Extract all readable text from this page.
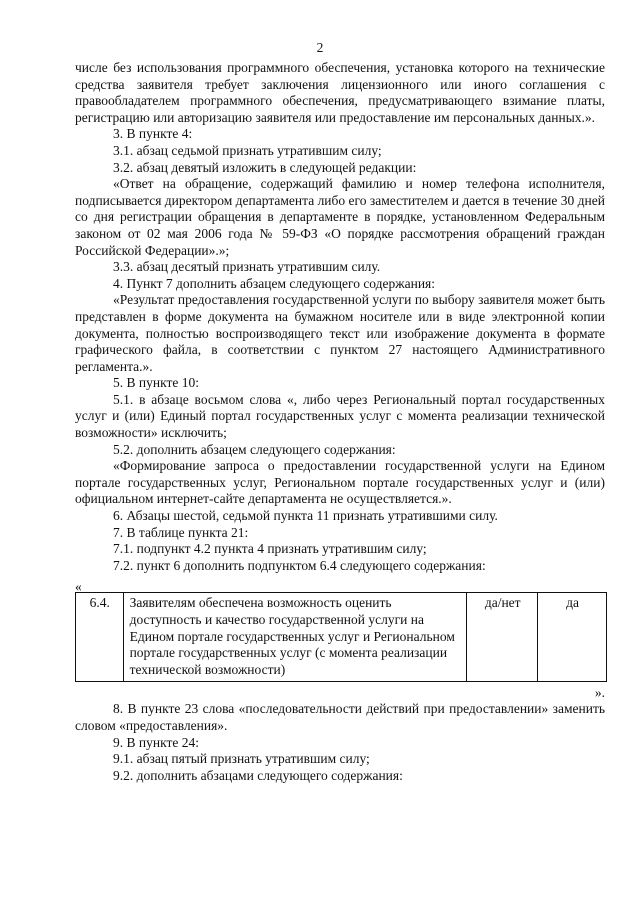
2

числе без использования программного обеспечения, установка которого на технические средства заявителя требует заключения лицензионного или иного соглашения с правообладателем программного обеспечения, предусматривающего взимание платы, регистрацию или авторизацию заявителя или предоставление им персональных данных.».

3. В пункте 4:

3.1. абзац седьмой признать утратившим силу;

3.2. абзац девятый изложить в следующей редакции:

«Ответ на обращение, содержащий фамилию и номер телефона исполнителя, подписывается директором департамента либо его заместителем и дается в течение 30 дней со дня регистрации обращения в департаменте в порядке, установленном Федеральным законом от 02 мая 2006 года № 59-ФЗ «О порядке рассмотрения обращений граждан Российской Федерации».»;

3.3. абзац десятый признать утратившим силу.

4. Пункт 7 дополнить абзацем следующего содержания:

«Результат предоставления государственной услуги по выбору заявителя может быть представлен в форме документа на бумажном носителе или в виде электронной копии документа, полностью воспроизводящего текст или изображение документа в формате графического файла, в соответствии с пунктом 27 настоящего Административного регламента.».

5. В пункте 10:

5.1. в абзаце восьмом слова «, либо через Региональный портал государственных услуг и (или) Единый портал государственных услуг с момента реализации технической возможности» исключить;

5.2. дополнить абзацем следующего содержания:

«Формирование запроса о предоставлении государственной услуги на Едином портале государственных услуг, Региональном портале государственных услуг и (или) официальном интернет-сайте департамента не осуществляется.».

6. Абзацы шестой, седьмой пункта 11 признать утратившими силу.

7. В таблице пункта 21:

7.1. подпункт 4.2 пункта 4 признать утратившим силу;

7.2. пункт 6 дополнить подпунктом 6.4 следующего содержания:

«
6.4.	Заявителям обеспечена возможность оценить доступность и качество государственной услуги на Едином портале государственных услуг и Региональном портале государственных услуг (с момента реализации технической возможности)	да/нет	да
».

8. В пункте 23 слова «последовательности действий при предоставлении» заменить словом «предоставления».

9. В пункте 24:

9.1. абзац пятый признать утратившим силу;

9.2. дополнить абзацами следующего содержания:
